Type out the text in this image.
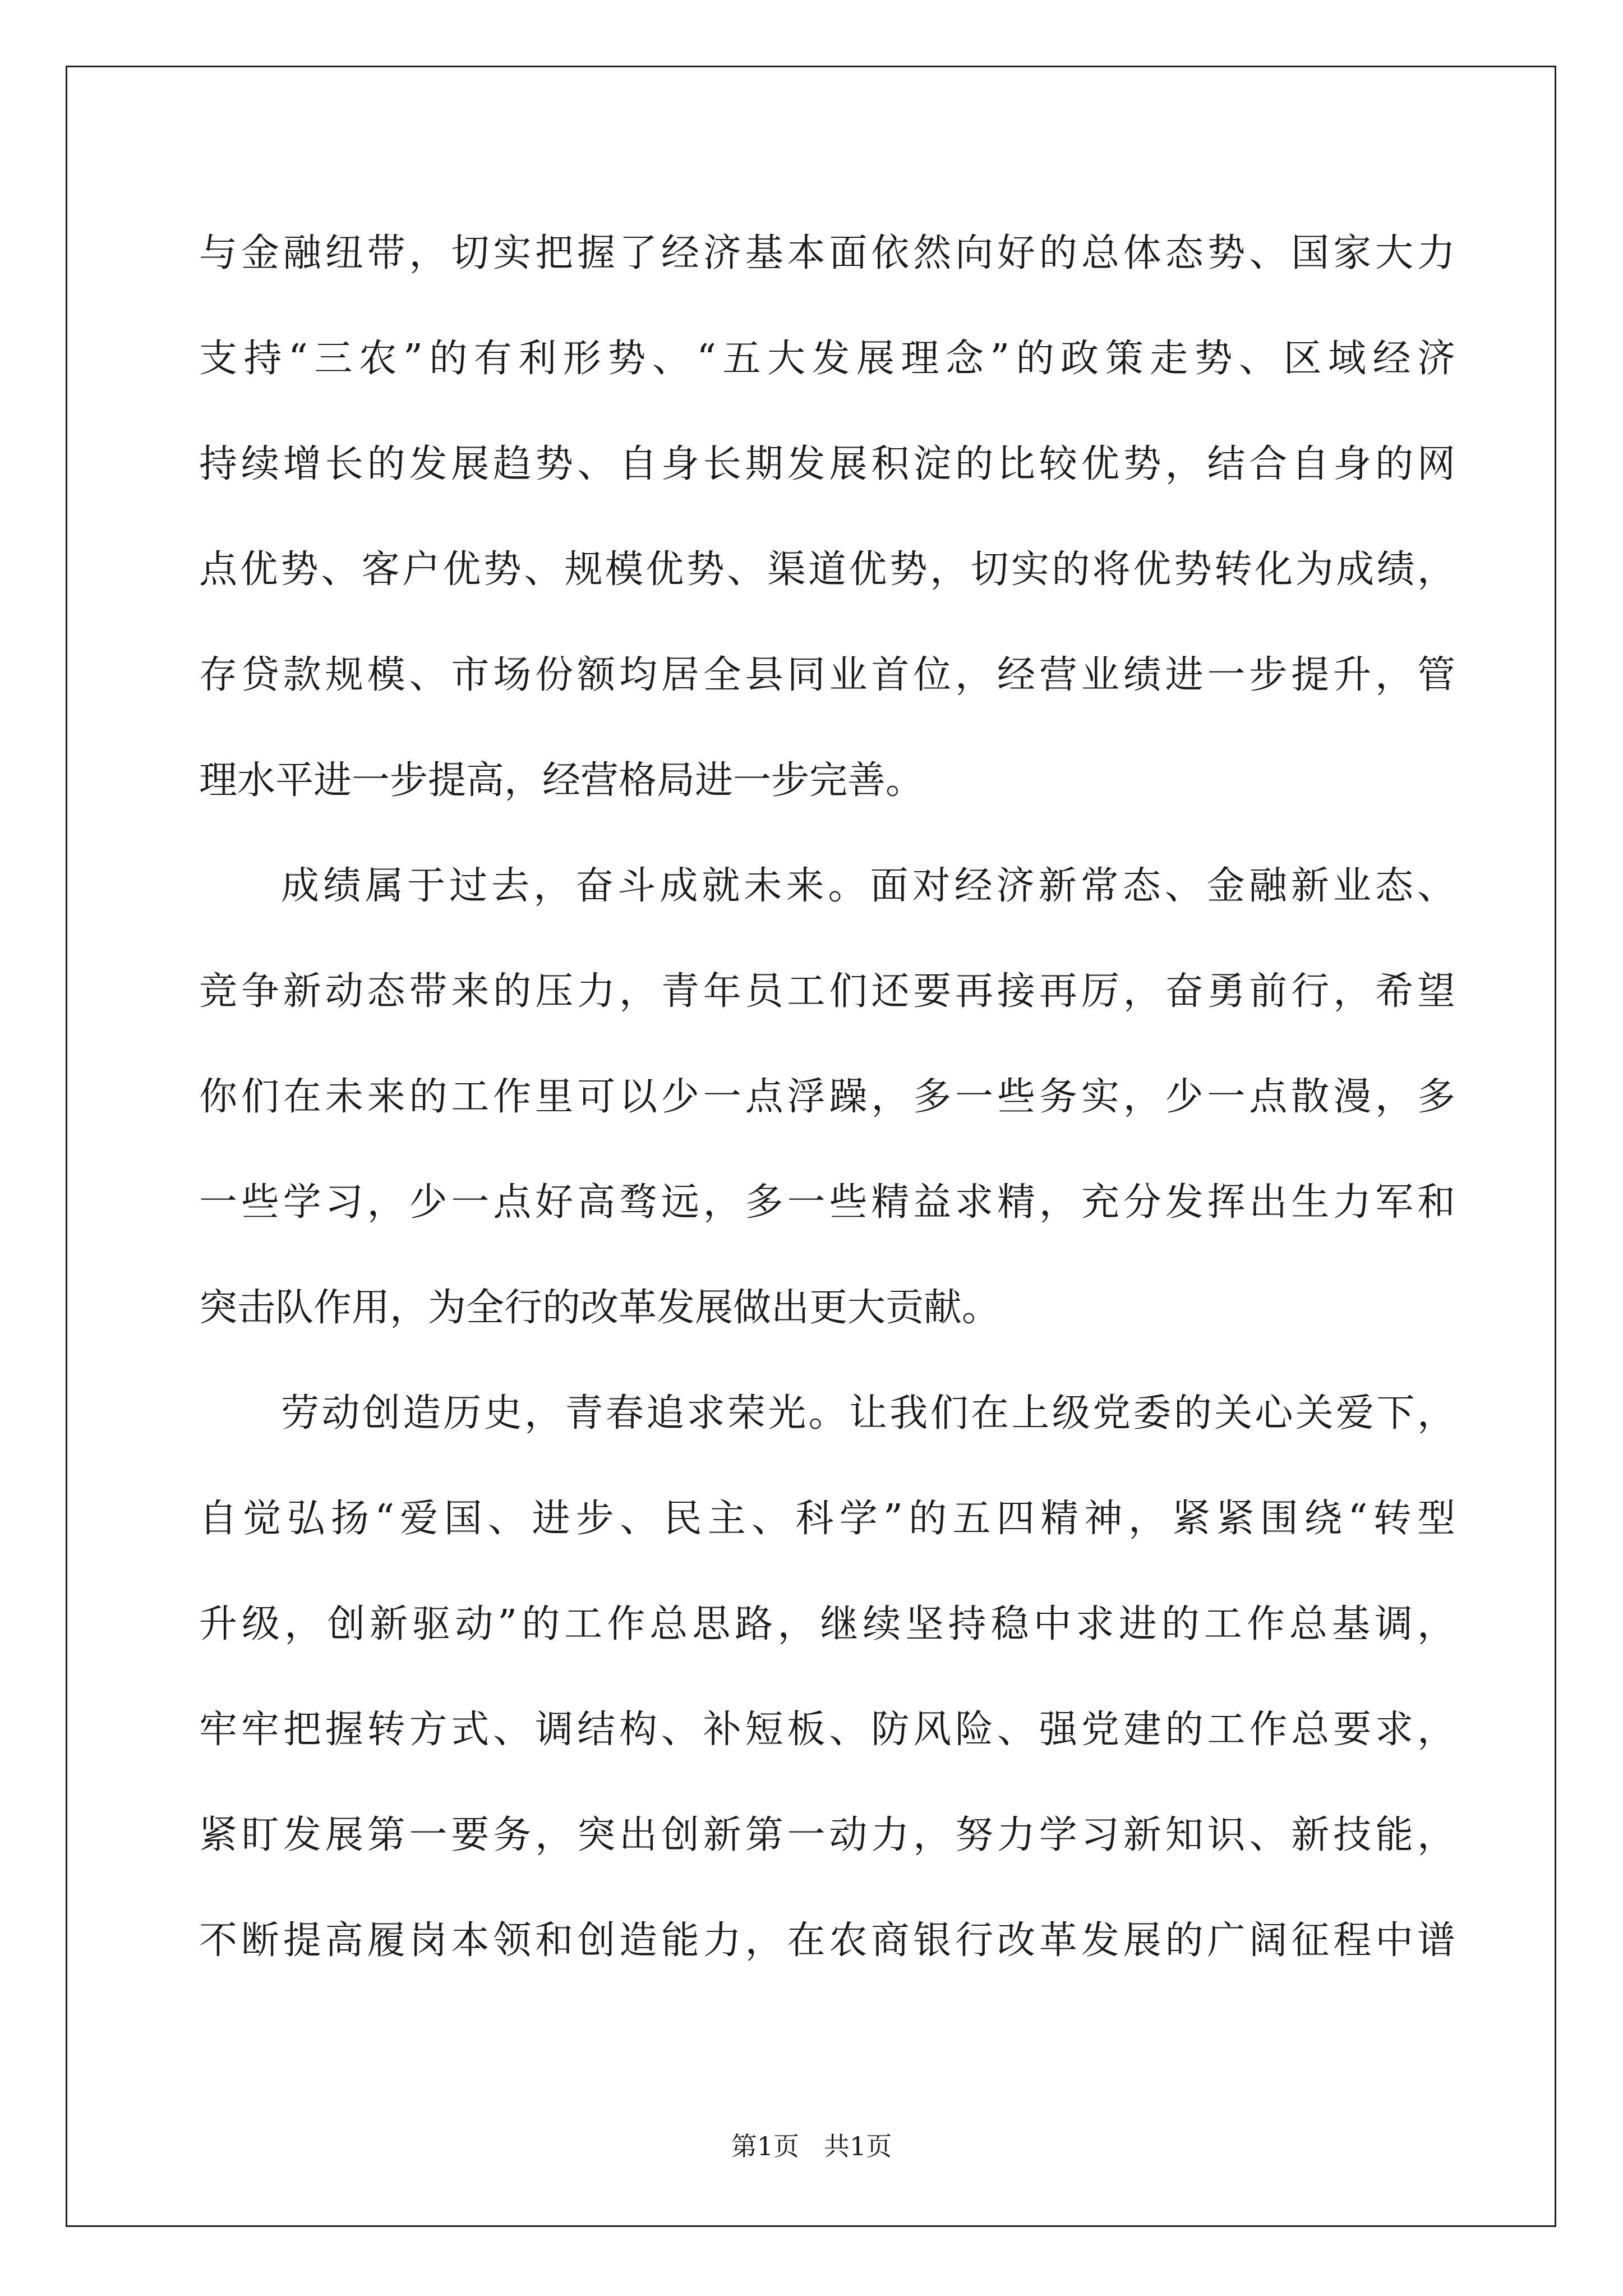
与金融纽带，切实把握了经济基本面依然向好的总体态势、国家大力
支持“三农”的有利形势、“五大发展理念”的政策走势、区域经济
持续增长的发展趋势、自身长期发展积淀的比较优势，结合自身的网
点优势、客户优势、规模优势、渠道优势，切实的将优势转化为成绩，
存贷款规模、市场份额均居全县同业首位，经营业绩进一步提升，管
理水平进一步提高，经营格局进一步完善。
成绩属于过去，奋斗成就未来。面对经济新常态、金融新业态、
竞争新动态带来的压力，青年员工们还要再接再厉，奋勇前行，希望
你们在未来的工作里可以少一点浮躁，多一些务实，少一点散漫，多
一些学习，少一点好高骛远，多一些精益求精，充分发挥出生力军和
突击队作用，为全行的改革发展做出更大贡献。
劳动创造历史，青春追求荣光。让我们在上级党委的关心关爱下，
自觉弘扬“爱国、进步、民主、科学”的五四精神，紧紧围绕“转型
升级，创新驱动”的工作总思路，继续坚持稳中求进的工作总基调，
牢牢把握转方式、调结构、补短板、防风险、强党建的工作总要求，
紧盯发展第一要务，突出创新第一动力，努力学习新知识、新技能，
不断提高履岗本领和创造能力，在农商银行改革发展的广阔征程中谱
第1页 共1页
